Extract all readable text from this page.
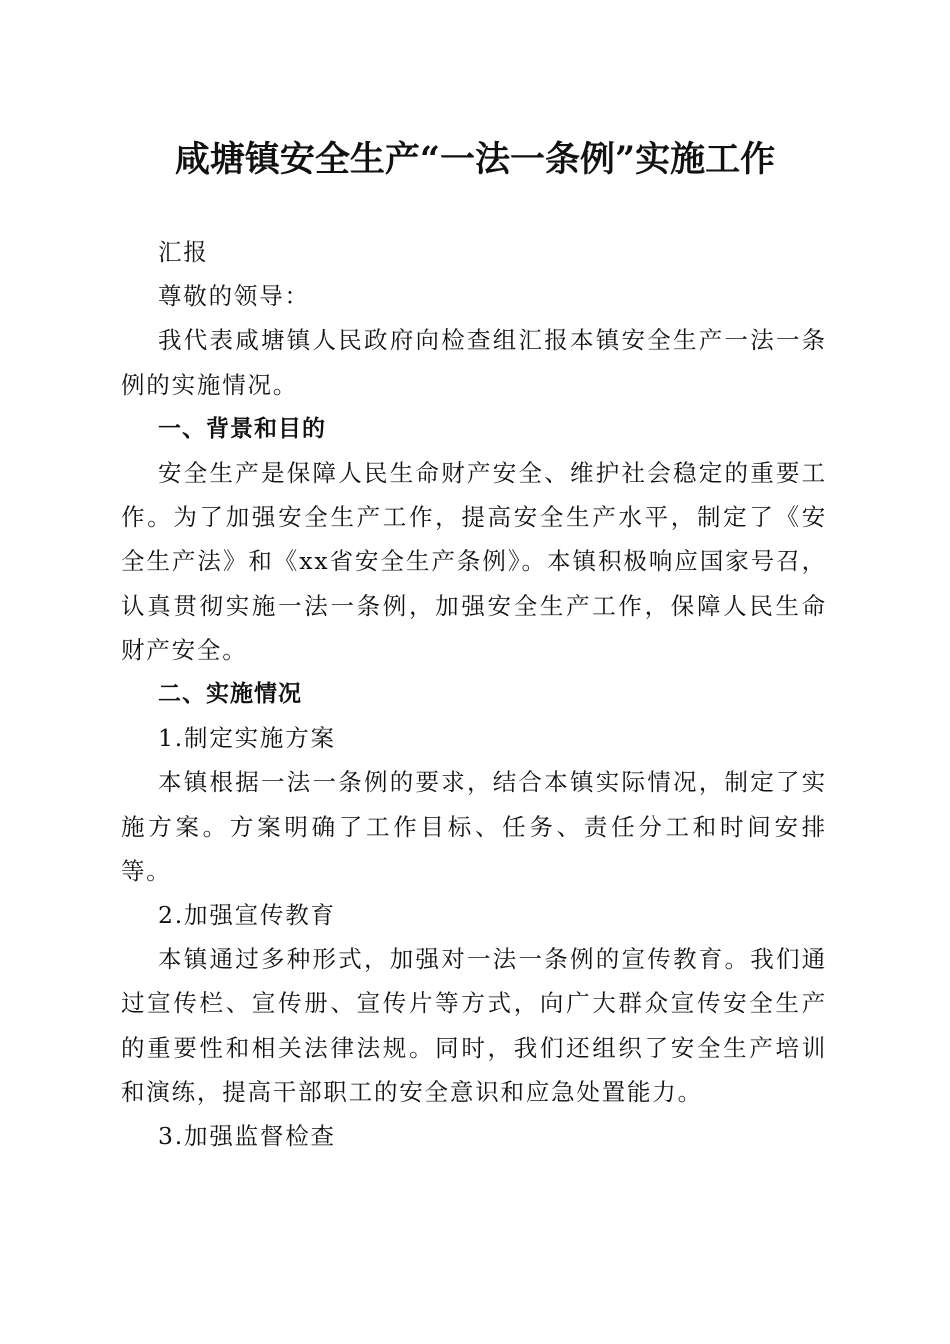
咸塘镇安全生产“一法一条例”实施工作

汇报

尊敬的领导：

我代表咸塘镇人民政府向检查组汇报本镇安全生产一法一条例的实施情况。

一、背景和目的

安全生产是保障人民生命财产安全、维护社会稳定的重要工作。为了加强安全生产工作，提高安全生产水平，制定了《安全生产法》和《xx省安全生产条例》。本镇积极响应国家号召，认真贯彻实施一法一条例，加强安全生产工作，保障人民生命财产安全。

二、实施情况

1.制定实施方案

本镇根据一法一条例的要求，结合本镇实际情况，制定了实施方案。方案明确了工作目标、任务、责任分工和时间安排等。

2.加强宣传教育

本镇通过多种形式，加强对一法一条例的宣传教育。我们通过宣传栏、宣传册、宣传片等方式，向广大群众宣传安全生产的重要性和相关法律法规。同时，我们还组织了安全生产培训和演练，提高干部职工的安全意识和应急处置能力。

3.加强监督检查
